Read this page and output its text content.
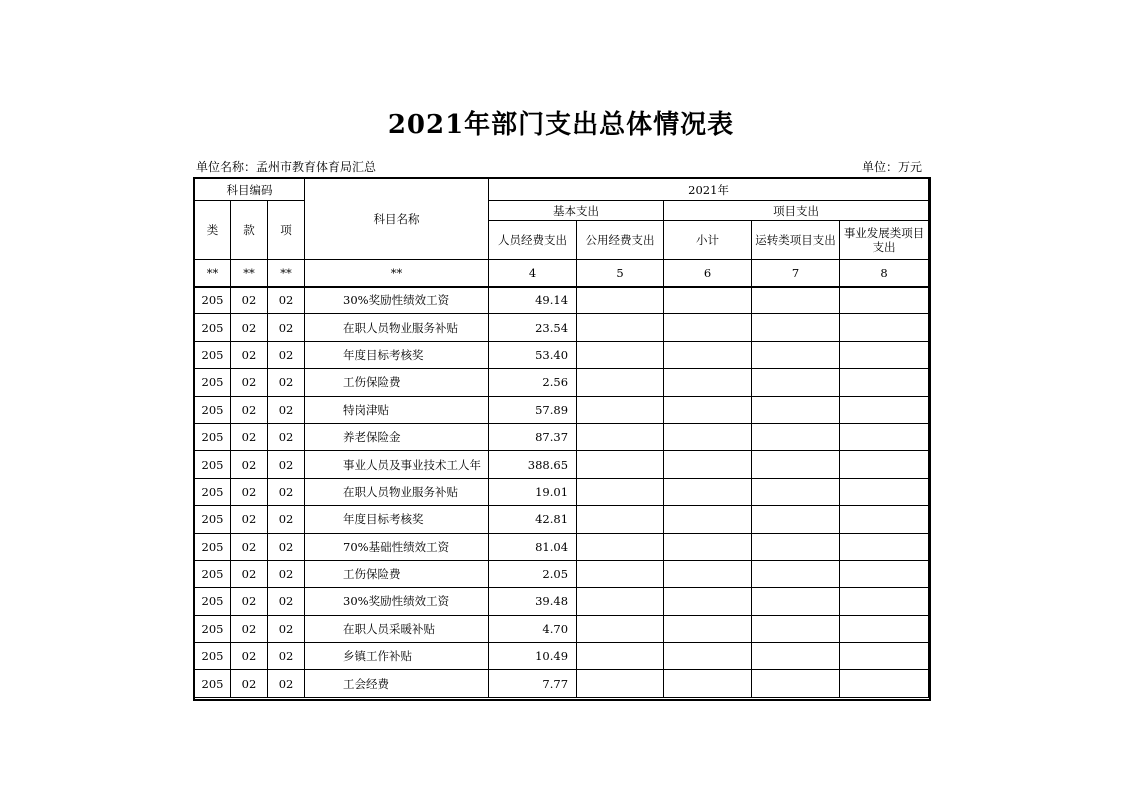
2021年部门支出总体情况表
单位名称：孟州市教育体育局汇总	单位：万元
科目编码			科目名称	2021年				
类	款	项		基本支出		项目支出		
				人员经费支出	公用经费支出	小计	运转类项目支出	事业发展类项目支出
**	**	**	**	4	5	6	7	8
205	02	02	30%奖励性绩效工资	49.14				
205	02	02	在职人员物业服务补贴	23.54				
205	02	02	年度目标考核奖	53.40				
205	02	02	工伤保险费	2.56				
205	02	02	特岗津贴	57.89				
205	02	02	养老保险金	87.37				
205	02	02	事业人员及事业技术工人年	388.65				
205	02	02	在职人员物业服务补贴	19.01				
205	02	02	年度目标考核奖	42.81				
205	02	02	70%基础性绩效工资	81.04				
205	02	02	工伤保险费	2.05				
205	02	02	30%奖励性绩效工资	39.48				
205	02	02	在职人员采暖补贴	4.70				
205	02	02	乡镇工作补贴	10.49				
205	02	02	工会经费	7.77				
